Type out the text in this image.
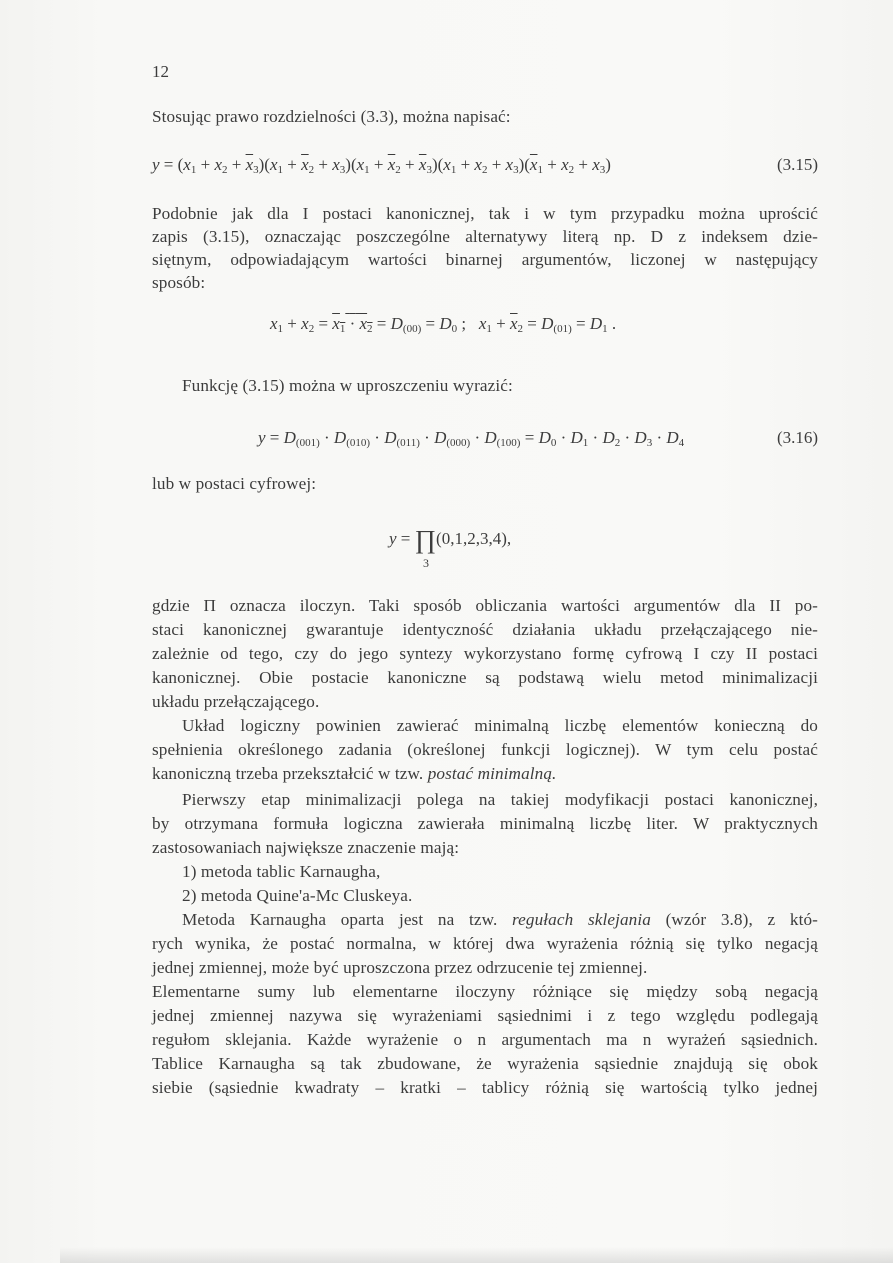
12
Stosując prawo rozdzielności (3.3), można napisać:
$y = (x_1 + x_2 + \overline{x}_3)(x_1 + \overline{x}_2 + x_3)(x_1 + \overline{x}_2 + \overline{x}_3)(x_1 + x_2 + x_3)(\overline{x}_1 + x_2 + x_3)$	(3.15)
Podobnie jak dla I postaci kanonicznej, tak i w tym przypadku można uprościć
zapis (3.15), oznaczając poszczególne alternatywy literą np. D z indeksem dzie-
siętnym, odpowiadającym wartości binarnej argumentów, liczonej w następujący
sposób:
$x_1 + x_2 = x_1 \cdot x_2 = D_{(00)} = D_0$ ;   $x_1 + \overline{x}_2 = D_{(01)} = D_1$ .
Funkcję (3.15) można w uproszczeniu wyrazić:
$y = D_{(001)} \cdot D_{(010)} \cdot D_{(011)} \cdot D_{(000)} \cdot D_{(100)} = D_0 \cdot D_1 \cdot D_2 \cdot D_3 \cdot D_4$	(3.16)
lub w postaci cyfrowej:
y = ∏(0,1,2,3,4),
3
gdzie Π oznacza iloczyn. Taki sposób obliczania wartości argumentów dla II po-
staci kanonicznej gwarantuje identyczność działania układu przełączającego nie-
zależnie od tego, czy do jego syntezy wykorzystano formę cyfrową I czy II postaci
kanonicznej. Obie postacie kanoniczne są podstawą wielu metod minimalizacji
układu przełączającego.
Układ logiczny powinien zawierać minimalną liczbę elementów konieczną do
spełnienia określonego zadania (określonej funkcji logicznej). W tym celu postać
kanoniczną trzeba przekształcić w tzw. postać minimalną.
Pierwszy etap minimalizacji polega na takiej modyfikacji postaci kanonicznej,
by otrzymana formuła logiczna zawierała minimalną liczbę liter. W praktycznych
zastosowaniach największe znaczenie mają:
1) metoda tablic Karnaugha,
2) metoda Quine'a-Mc Cluskeya.
Metoda Karnaugha oparta jest na tzw. regułach sklejania (wzór 3.8), z któ-
rych wynika, że postać normalna, w której dwa wyrażenia różnią się tylko negacją
jednej zmiennej, może być uproszczona przez odrzucenie tej zmiennej.
Elementarne sumy lub elementarne iloczyny różniące się między sobą negacją
jednej zmiennej nazywa się wyrażeniami sąsiednimi i z tego względu podlegają
regułom sklejania. Każde wyrażenie o n argumentach ma n wyrażeń sąsiednich.
Tablice Karnaugha są tak zbudowane, że wyrażenia sąsiednie znajdują się obok
siebie (sąsiednie kwadraty – kratki – tablicy różnią się wartością tylko jednej
